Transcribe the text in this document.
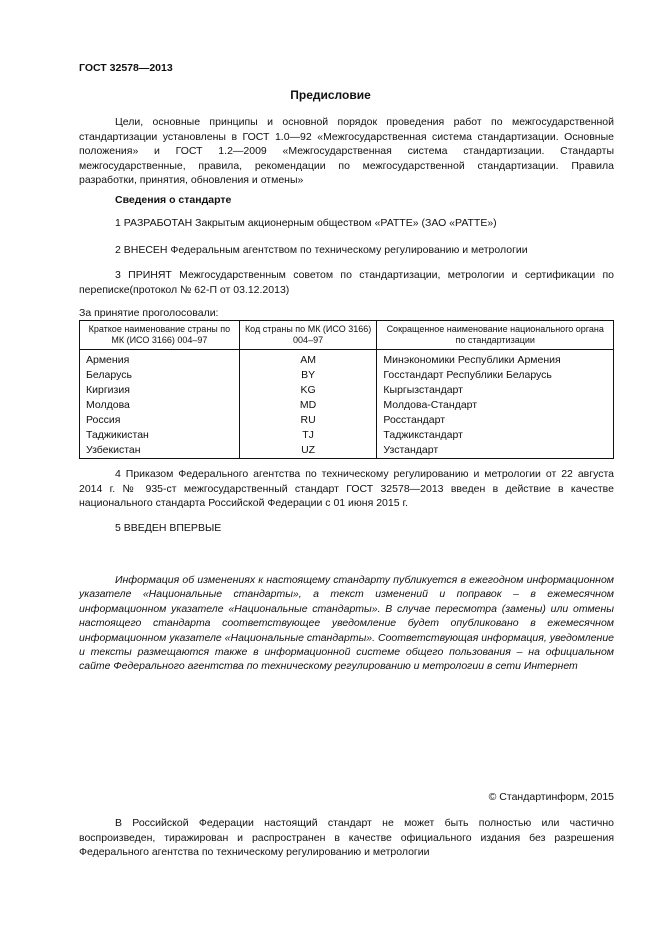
ГОСТ 32578—2013
Предисловие
Цели, основные принципы и основной порядок проведения работ по межгосударственной стандартизации установлены в ГОСТ 1.0—92 «Межгосударственная система стандартизации. Основные положения» и ГОСТ 1.2—2009 «Межгосударственная система стандартизации. Стандарты межгосударственные, правила, рекомендации по межгосударственной стандартизации. Правила разработки, принятия, обновления и отмены»
Сведения о стандарте
1 РАЗРАБОТАН Закрытым акционерным обществом «РАТТЕ» (ЗАО «РАТТЕ»)
2 ВНЕСЕН Федеральным агентством по техническому регулированию и метрологии
3 ПРИНЯТ Межгосударственным советом по стандартизации, метрологии и сертификации по переписке(протокол № 62-П от 03.12.2013)
За принятие проголосовали:
Краткое наименование страны по МК (ИСО 3166) 004–97	Код страны по МК (ИСО 3166) 004–97	Сокращенное наименование национального органа по стандартизации
Армения	AM	Минэкономики Республики Армения
Беларусь	BY	Госстандарт Республики Беларусь
Киргизия	KG	Кыргызстандарт
Молдова	MD	Молдова-Стандарт
Россия	RU	Росстандарт
Таджикистан	TJ	Таджикстандарт
Узбекистан	UZ	Узстандарт
4 Приказом Федерального агентства по техническому регулированию и метрологии от 22 августа 2014 г. № 935-ст межгосударственный стандарт ГОСТ 32578—2013 введен в действие в качестве национального стандарта Российской Федерации с 01 июня 2015 г.
5 ВВЕДЕН ВПЕРВЫЕ
Информация об изменениях к настоящему стандарту публикуется в ежегодном информационном указателе «Национальные стандарты», а текст изменений и поправок – в ежемесячном информационном указателе «Национальные стандарты». В случае пересмотра (замены) или отмены настоящего стандарта соответствующее уведомление будет опубликовано в ежемесячном информационном указателе «Национальные стандарты». Соответствующая информация, уведомление и тексты размещаются также в информационной системе общего пользования – на официальном сайте Федерального агентства по техническому регулированию и метрологии в сети Интернет
© Стандартинформ, 2015
В Российской Федерации настоящий стандарт не может быть полностью или частично воспроизведен, тиражирован и распространен в качестве официального издания без разрешения Федерального агентства по техническому регулированию и метрологии
